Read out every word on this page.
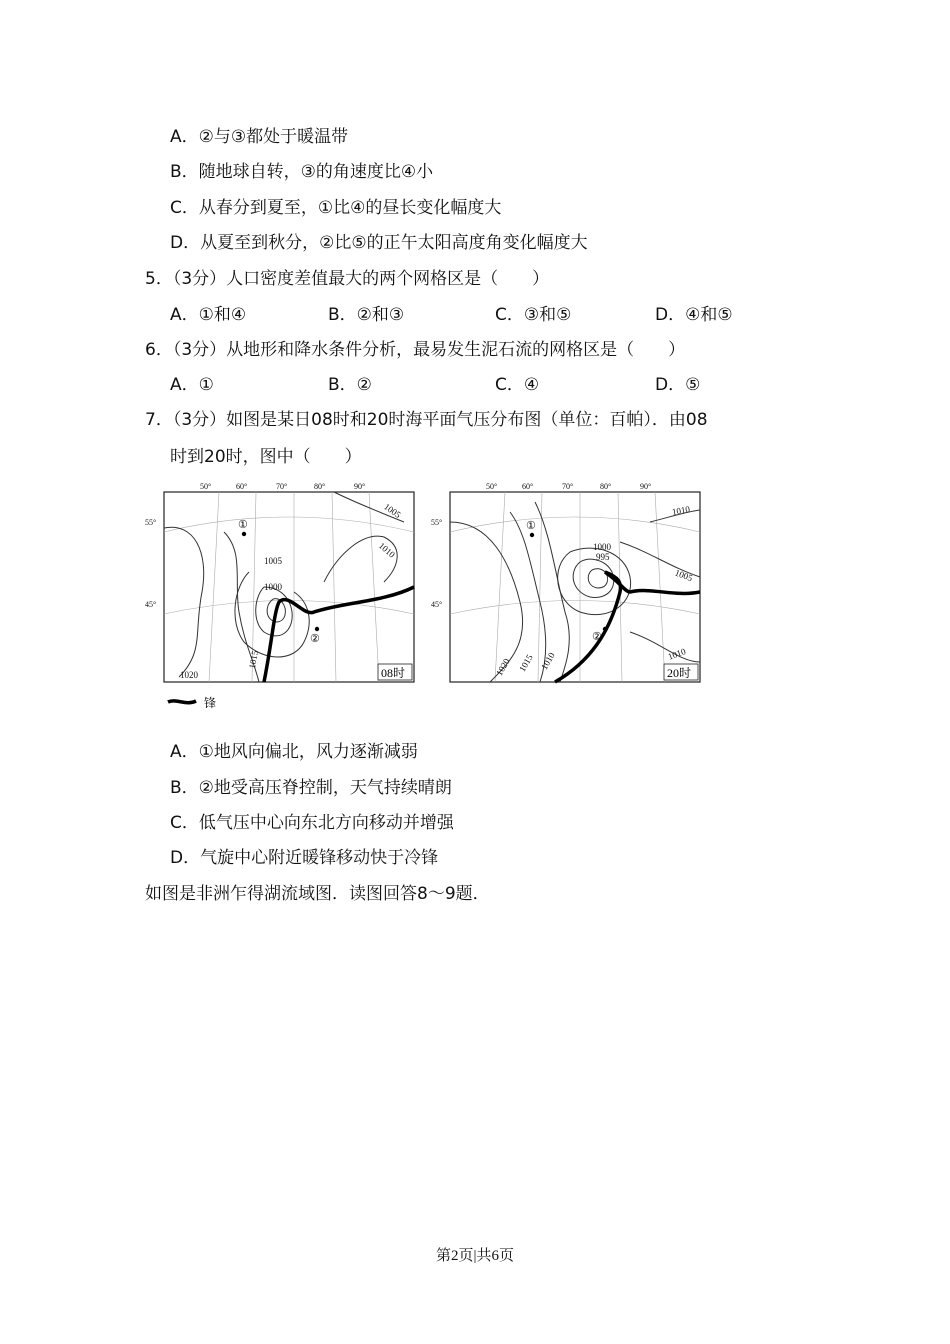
A．②与③都处于暖温带
B．随地球自转，③的角速度比④小
C．从春分到夏至，①比④的昼长变化幅度大
D．从夏至到秋分，②比⑤的正午太阳高度角变化幅度大
5．（3分）人口密度差值最大的两个网格区是（　　）
A．①和④	B．②和③	C．③和⑤	D．④和⑤
6．（3分）从地形和降水条件分析，最易发生泥石流的网格区是（　　）
A．①	B．②	C．④	D．⑤
7．（3分）如图是某日08时和20时海平面气压分布图（单位：百帕）．由08
时到20时，图中（　　）
①
②
1020
1015
1005
1000
1010
1005
08时
50°	60°	70°	80°	90°
55°
45°
①
②
1020 1015 1010
1000
995
1005
1010
1010
20时
50°	60°	70°	80°	90°
55°
45°
锋
A．①地风向偏北，风力逐渐减弱
B．②地受高压脊控制，天气持续晴朗
C．低气压中心向东北方向移动并增强
D．气旋中心附近暖锋移动快于冷锋
如图是非洲乍得湖流域图．读图回答8～9题．
第2页|共6页
